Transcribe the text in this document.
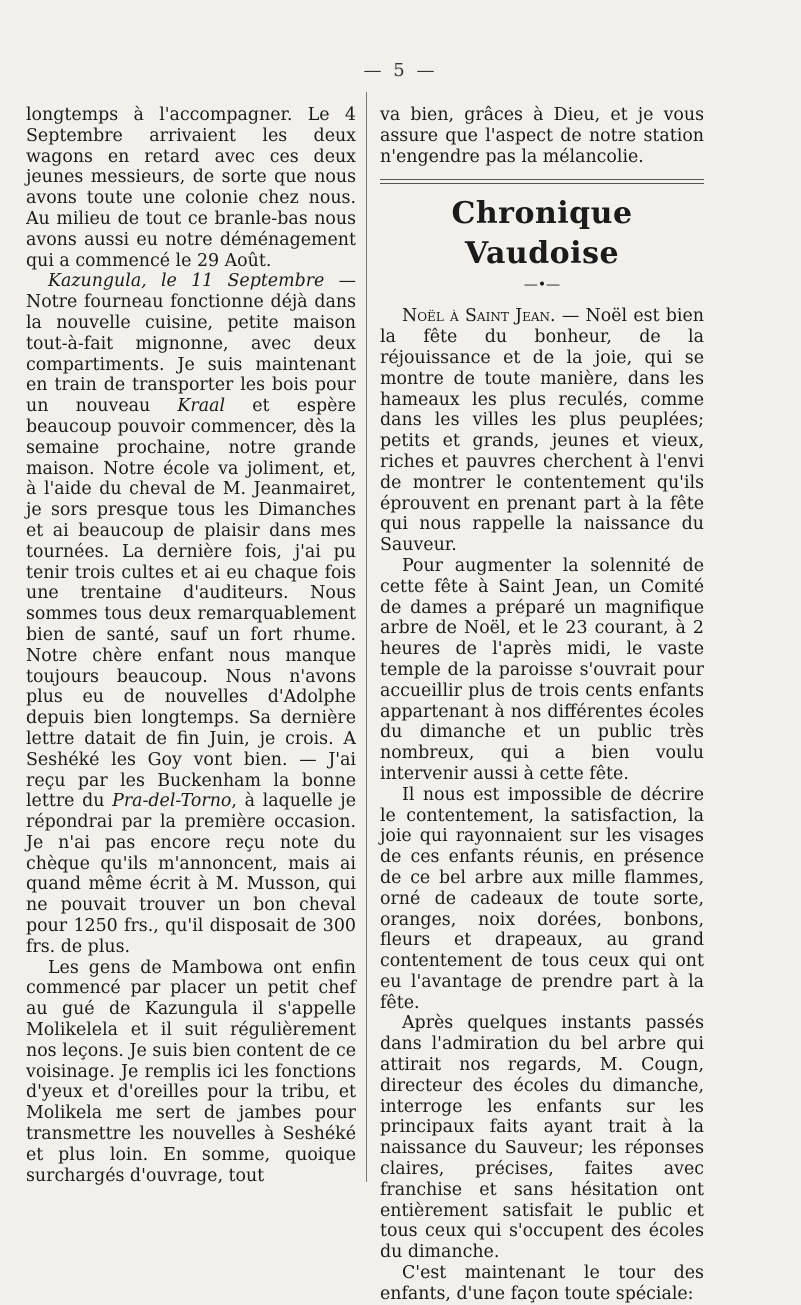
— 5 —

longtemps à l'accompagner. Le 4 Septembre arrivaient les deux wagons en retard avec ces deux jeunes messieurs, de sorte que nous avons toute une colonie chez nous. Au milieu de tout ce branle-bas nous avons aussi eu notre déménagement qui a commencé le 29 Août.

Kazungula, le 11 Septembre — Notre fourneau fonctionne déjà dans la nouvelle cuisine, petite maison tout-à-fait mignonne, avec deux compartiments. Je suis maintenant en train de transporter les bois pour un nouveau Kraal et espère beaucoup pouvoir commencer, dès la semaine prochaine, notre grande maison. Notre école va joliment, et, à l'aide du cheval de M. Jeanmairet, je sors presque tous les Dimanches et ai beaucoup de plaisir dans mes tournées. La dernière fois, j'ai pu tenir trois cultes et ai eu chaque fois une trentaine d'auditeurs. Nous sommes tous deux remarquablement bien de santé, sauf un fort rhume. Notre chère enfant nous manque toujours beaucoup. Nous n'avons plus eu de nouvelles d'Adolphe depuis bien longtemps. Sa dernière lettre datait de fin Juin, je crois. A Seshéké les Goy vont bien. — J'ai reçu par les Buckenham la bonne lettre du Pra-del-Torno, à laquelle je répondrai par la première occasion. Je n'ai pas encore reçu note du chèque qu'ils m'annoncent, mais ai quand même écrit à M. Musson, qui ne pouvait trouver un bon cheval pour 1250 frs., qu'il disposait de 300 frs. de plus.

Les gens de Mambowa ont enfin commencé par placer un petit chef au gué de Kazungula il s'appelle Molikelela et il suit régulièrement nos leçons. Je suis bien content de ce voisinage. Je remplis ici les fonctions d'yeux et d'oreilles pour la tribu, et Molikela me sert de jambes pour transmettre les nouvelles à Seshéké et plus loin. En somme, quoique surchargés d'ouvrage, tout

va bien, grâces à Dieu, et je vous assure que l'aspect de notre station n'engendre pas la mélancolie.

Chronique Vaudoise
—•—

Noël à Saint Jean. — Noël est bien la fête du bonheur, de la réjouissance et de la joie, qui se montre de toute manière, dans les hameaux les plus reculés, comme dans les villes les plus peuplées; petits et grands, jeunes et vieux, riches et pauvres cherchent à l'envi de montrer le contentement qu'ils éprouvent en prenant part à la fête qui nous rappelle la naissance du Sauveur.

Pour augmenter la solennité de cette fête à Saint Jean, un Comité de dames a préparé un magnifique arbre de Noël, et le 23 courant, à 2 heures de l'après midi, le vaste temple de la paroisse s'ouvrait pour accueillir plus de trois cents enfants appartenant à nos différentes écoles du dimanche et un public très nombreux, qui a bien voulu intervenir aussi à cette fête.

Il nous est impossible de décrire le contentement, la satisfaction, la joie qui rayonnaient sur les visages de ces enfants réunis, en présence de ce bel arbre aux mille flammes, orné de cadeaux de toute sorte, oranges, noix dorées, bonbons, fleurs et drapeaux, au grand contentement de tous ceux qui ont eu l'avantage de prendre part à la fête.

Après quelques instants passés dans l'admiration du bel arbre qui attirait nos regards, M. Cougn, directeur des écoles du dimanche, interroge les enfants sur les principaux faits ayant trait à la naissance du Sauveur; les réponses claires, précises, faites avec franchise et sans hésitation ont entièrement satisfait le public et tous ceux qui s'occupent des écoles du dimanche.

C'est maintenant le tour des enfants, d'une façon toute spéciale:
